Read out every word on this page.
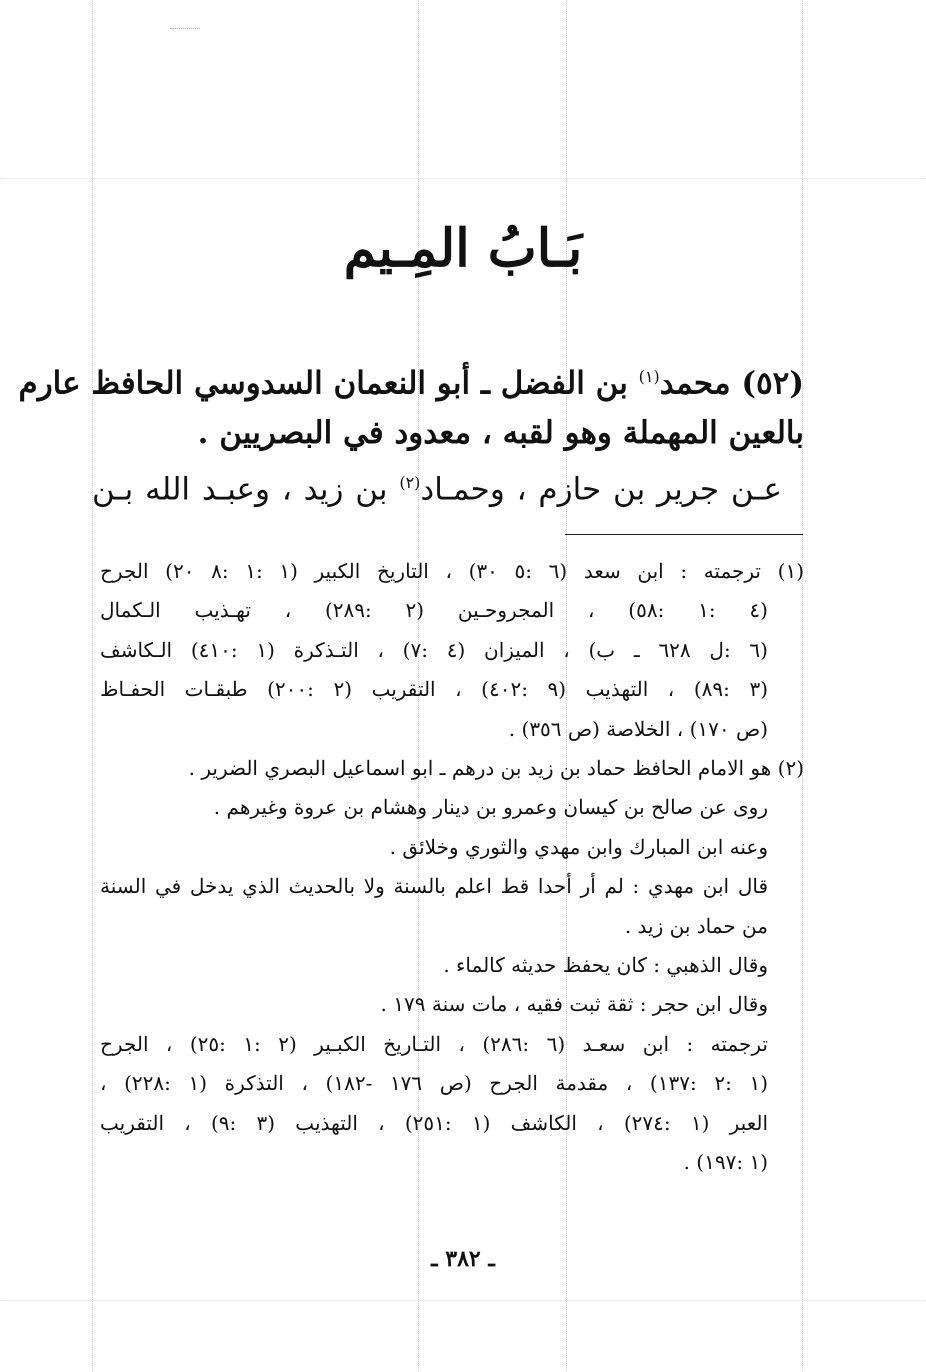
بَـابُ المِـيم
(٥٢) محمد$^{(١)}$ بن الفضل ـ أبو النعمان السدوسي الحافظ عارم
بالعين المهملة وهو لقبه ، معدود في البصريين .
عـن جرير بن حازم ، وحمـاد$^{(٢)}$ بن زيد ، وعبـد الله بـن
(١) ترجمته : ابن سعد (٦ :٥ ٣٠) ، التاريخ الكبير (١ :١ :٨ ٢٠) الجرح
(٤ :١ :٥٨) ، المجروحـين (٢ :٢٨٩) ، تهـذيب الـكمال
(٦ :ل ٦٢٨ ـ ب) ، الميزان (٤ :٧) ، التـذكرة (١ :٤١٠) الـكاشف
(٣ :٨٩) ، التهذيب (٩ :٤٠٢) ، التقريب (٢ :٢٠٠) طبقـات الحفـاظ
(ص ١٧٠) ، الخلاصة (ص ٣٥٦) .
(٢) هو الامام الحافظ حماد بن زيد بن درهم ـ ابو اسماعيل البصري الضرير .
روى عن صالح بن كيسان وعمرو بن دينار وهشام بن عروة وغيرهم .
وعنه ابن المبارك وابن مهدي والثوري وخلائق .
قال ابن مهدي : لم أر أحدا قط اعلم بالسنة ولا بالحديث الذي يدخل في السنة
من حماد بن زيد .
وقال الذهبي : كان يحفظ حديثه كالماء .
وقال ابن حجر : ثقة ثبت فقيه ، مات سنة ١٧٩ .
ترجمته : ابن سعـد (٦ :٢٨٦) ، التـاريخ الكبـير (٢ :١ :٢٥) ، الجرح
(١ :٢ :١٣٧) ، مقدمة الجرح (ص ١٧٦ -١٨٢) ، التذكرة (١ :٢٢٨) ،
العبر (١ :٢٧٤) ، الكاشف (١ :٢٥١) ، التهذيب (٣ :٩) ، التقريب
(١ :١٩٧) .
ـ ٣٨٢ ـ
